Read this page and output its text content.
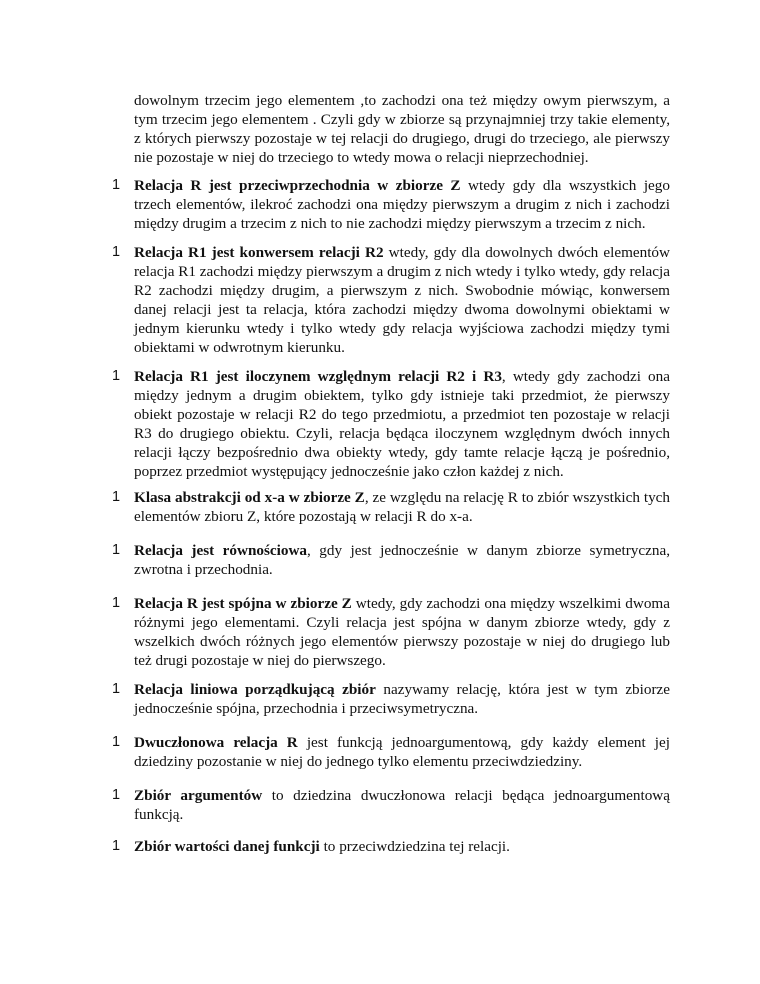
dowolnym trzecim jego elementem ,to zachodzi ona też między owym pierwszym, a tym trzecim jego elementem . Czyli gdy w zbiorze są przynajmniej trzy takie elementy, z których pierwszy pozostaje w tej relacji do drugiego, drugi do trzeciego, ale pierwszy nie pozostaje w niej do trzeciego to wtedy mowa o relacji nieprzechodniej.

1 Relacja R jest przeciwprzechodnia w zbiorze Z wtedy gdy dla wszystkich jego trzech elementów, ilekroć zachodzi ona między pierwszym a drugim z nich i zachodzi między drugim a trzecim z nich to nie zachodzi między pierwszym a trzecim z nich.

1 Relacja R1 jest konwersem relacji R2 wtedy, gdy dla dowolnych dwóch elementów relacja R1 zachodzi między pierwszym a drugim z nich wtedy i tylko wtedy, gdy relacja R2 zachodzi między drugim, a pierwszym z nich. Swobodnie mówiąc, konwersem danej relacji jest ta relacja, która zachodzi między dwoma dowolnymi obiektami w jednym kierunku wtedy i tylko wtedy gdy relacja wyjściowa zachodzi między tymi obiektami w odwrotnym kierunku.

1 Relacja R1 jest iloczynem względnym relacji R2 i R3, wtedy gdy zachodzi ona między jednym a drugim obiektem, tylko gdy istnieje taki przedmiot, że pierwszy obiekt pozostaje w relacji R2 do tego przedmiotu, a przedmiot ten pozostaje w relacji R3 do drugiego obiektu. Czyli, relacja będąca iloczynem względnym dwóch innych relacji łączy bezpośrednio dwa obiekty wtedy, gdy tamte relacje łączą je pośrednio, poprzez przedmiot występujący jednocześnie jako człon każdej z nich.

1 Klasa abstrakcji od x-a w zbiorze Z, ze względu na relację R to zbiór wszystkich tych elementów zbioru Z, które pozostają w relacji R do x-a.

1 Relacja jest równościowa, gdy jest jednocześnie w danym zbiorze symetryczna, zwrotna i przechodnia.

1 Relacja R jest spójna w zbiorze Z wtedy, gdy zachodzi ona między wszelkimi dwoma różnymi jego elementami. Czyli relacja jest spójna w danym zbiorze wtedy, gdy z wszelkich dwóch różnych jego elementów pierwszy pozostaje w niej do drugiego lub też drugi pozostaje w niej do pierwszego.

1 Relacja liniowa porządkującą zbiór nazywamy relację, która jest w tym zbiorze jednocześnie spójna, przechodnia i przeciwsymetryczna.

1 Dwuczłonowa relacja R jest funkcją jednoargumentową, gdy każdy element jej dziedziny pozostanie w niej do jednego tylko elementu przeciwdziedziny.

1 Zbiór argumentów to dziedzina dwuczłonowa relacji będąca jednoargumentową funkcją.

1 Zbiór wartości danej funkcji to przeciwdziedzina tej relacji.
